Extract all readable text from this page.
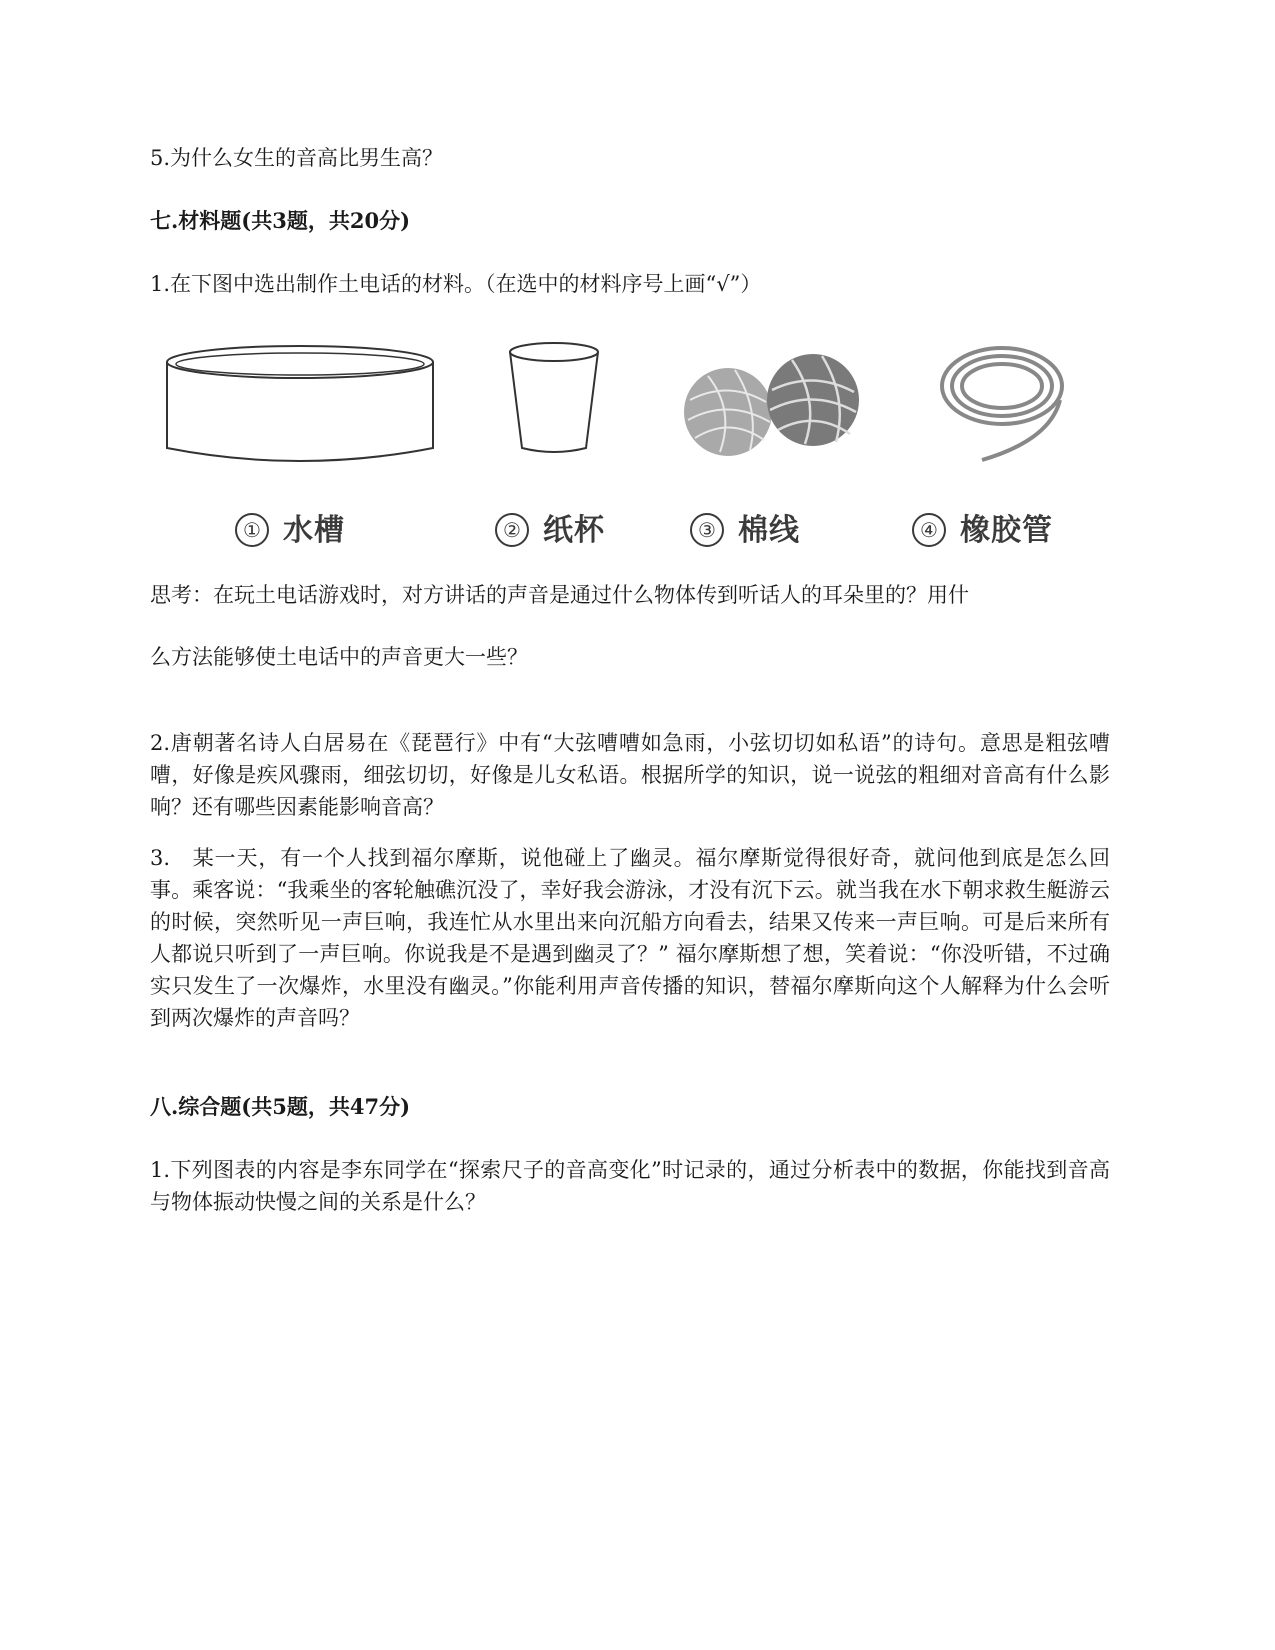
5.为什么女生的音高比男生高？
七.材料题(共3题，共20分)
1.在下图中选出制作土电话的材料。（在选中的材料序号上画“√”）
① 水槽	② 纸杯	③ 棉线	④ 橡胶管
思考：在玩土电话游戏时，对方讲话的声音是通过什么物体传到听话人的耳朵里的？用什
么方法能够使土电话中的声音更大一些？
2.唐朝著名诗人白居易在《琵琶行》中有“大弦嘈嘈如急雨，小弦切切如私语”的诗句。意思是粗弦嘈嘈，好像是疾风骤雨，细弦切切，好像是儿女私语。根据所学的知识，说一说弦的粗细对音高有什么影响？还有哪些因素能影响音高？
3.　某一天，有一个人找到福尔摩斯，说他碰上了幽灵。福尔摩斯觉得很好奇，就问他到底是怎么回事。乘客说：“我乘坐的客轮触礁沉没了，幸好我会游泳，才没有沉下云。就当我在水下朝求救生艇游云的时候，突然听见一声巨响，我连忙从水里出来向沉船方向看去，结果又传来一声巨响。可是后来所有人都说只听到了一声巨响。你说我是不是遇到幽灵了？” 福尔摩斯想了想，笑着说：“你没听错，不过确实只发生了一次爆炸，水里没有幽灵。”你能利用声音传播的知识，替福尔摩斯向这个人解释为什么会听到两次爆炸的声音吗？
八.综合题(共5题，共47分)
1.下列图表的内容是李东同学在“探索尺子的音高变化”时记录的，通过分析表中的数据，你能找到音高与物体振动快慢之间的关系是什么？
